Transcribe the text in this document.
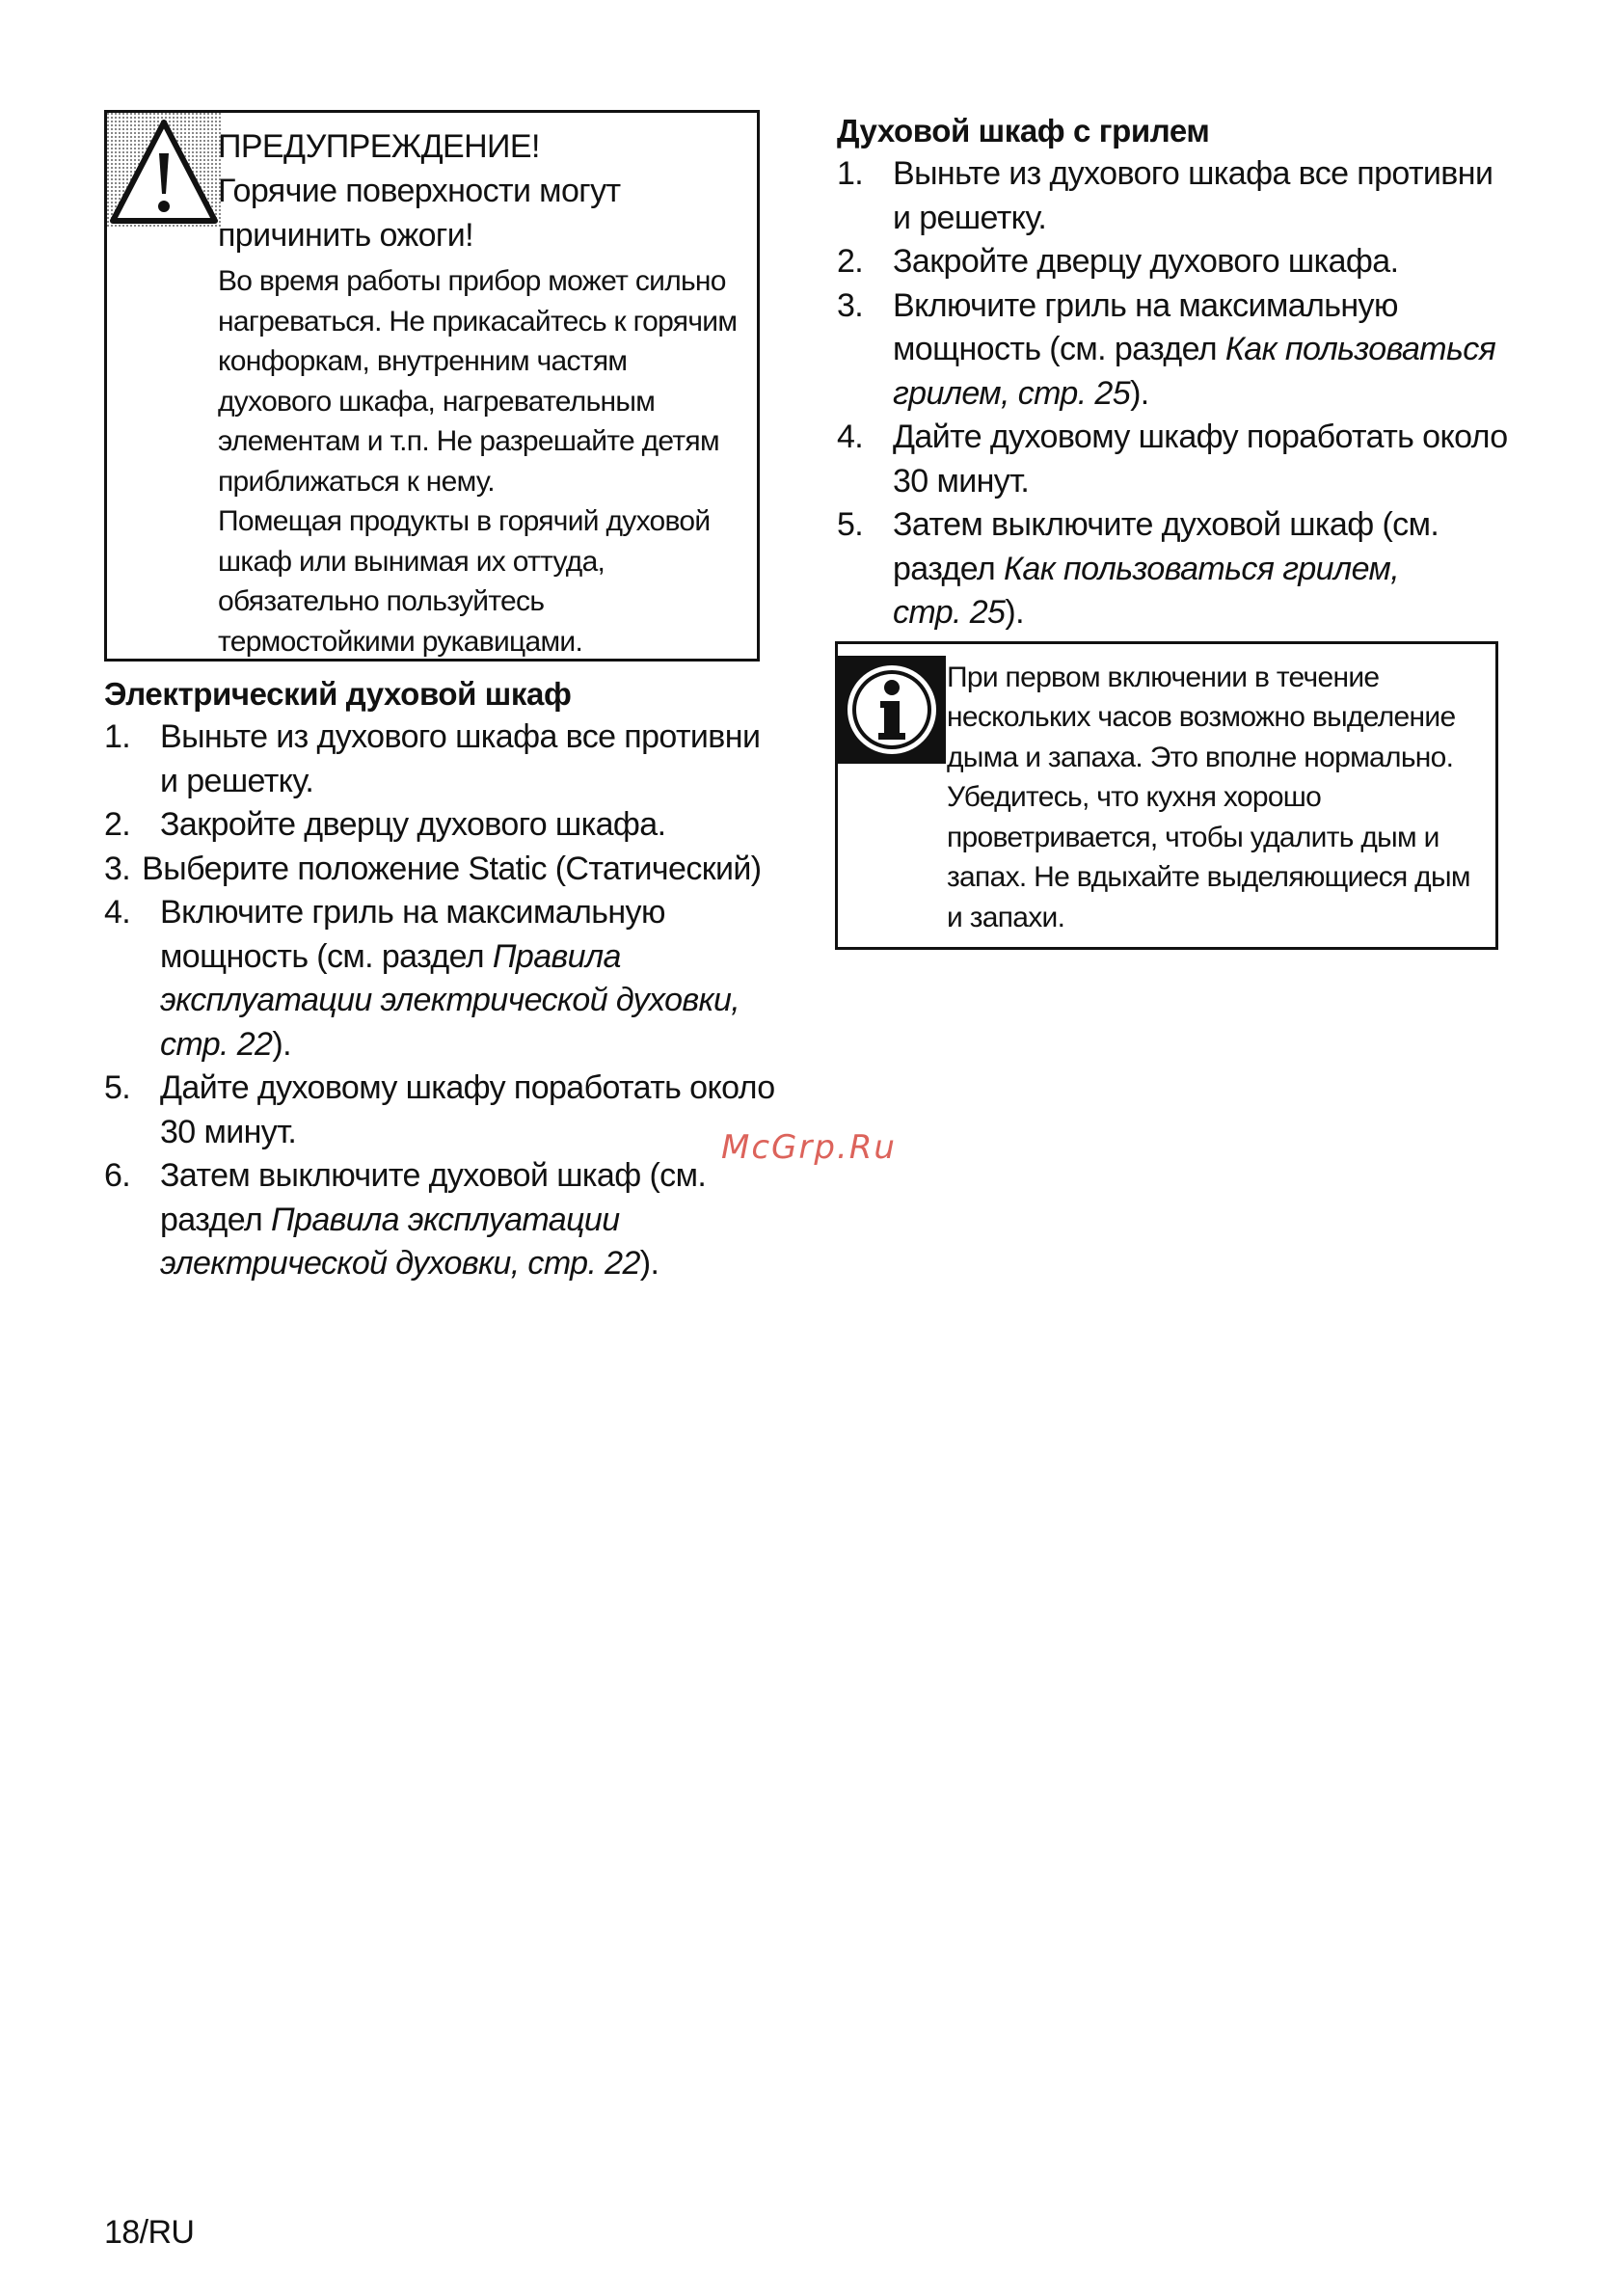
ПРЕДУПРЕЖДЕНИЕ!
Горячие поверхности могут
причинить ожоги!
Во время работы прибор может сильно
нагреваться. Не прикасайтесь к горячим
конфоркам, внутренним частям
духового шкафа, нагревательным
элементам и т.п. Не разрешайте детям
приближаться к нему.
Помещая продукты в горячий духовой
шкаф или вынимая их оттуда,
обязательно пользуйтесь
термостойкими рукавицами.
Электрический духовой шкаф
1. Выньте из духового шкафа все противни
и решетку.
2. Закройте дверцу духового шкафа.
3. Выберите положение Static (Статический)
4. Включите гриль на максимальную
мощность (см. раздел Правила
эксплуатации электрической духовки,
стр. 22).
5. Дайте духовому шкафу поработать около
30 минут.
6. Затем выключите духовой шкаф (см.
раздел Правила эксплуатации
электрической духовки, стр. 22).
Духовой шкаф с грилем
1. Выньте из духового шкафа все противни
и решетку.
2. Закройте дверцу духового шкафа.
3. Включите гриль на максимальную
мощность (см. раздел Как пользоваться
грилем, стр. 25).
4. Дайте духовому шкафу поработать около
30 минут.
5. Затем выключите духовой шкаф (см.
раздел Как пользоваться грилем,
стр. 25).
При первом включении в течение
нескольких часов возможно выделение
дыма и запаха. Это вполне нормально.
Убедитесь, что кухня хорошо
проветривается, чтобы удалить дым и
запах. Не вдыхайте выделяющиеся дым
и запахи.
McGrp.Ru
18/RU
